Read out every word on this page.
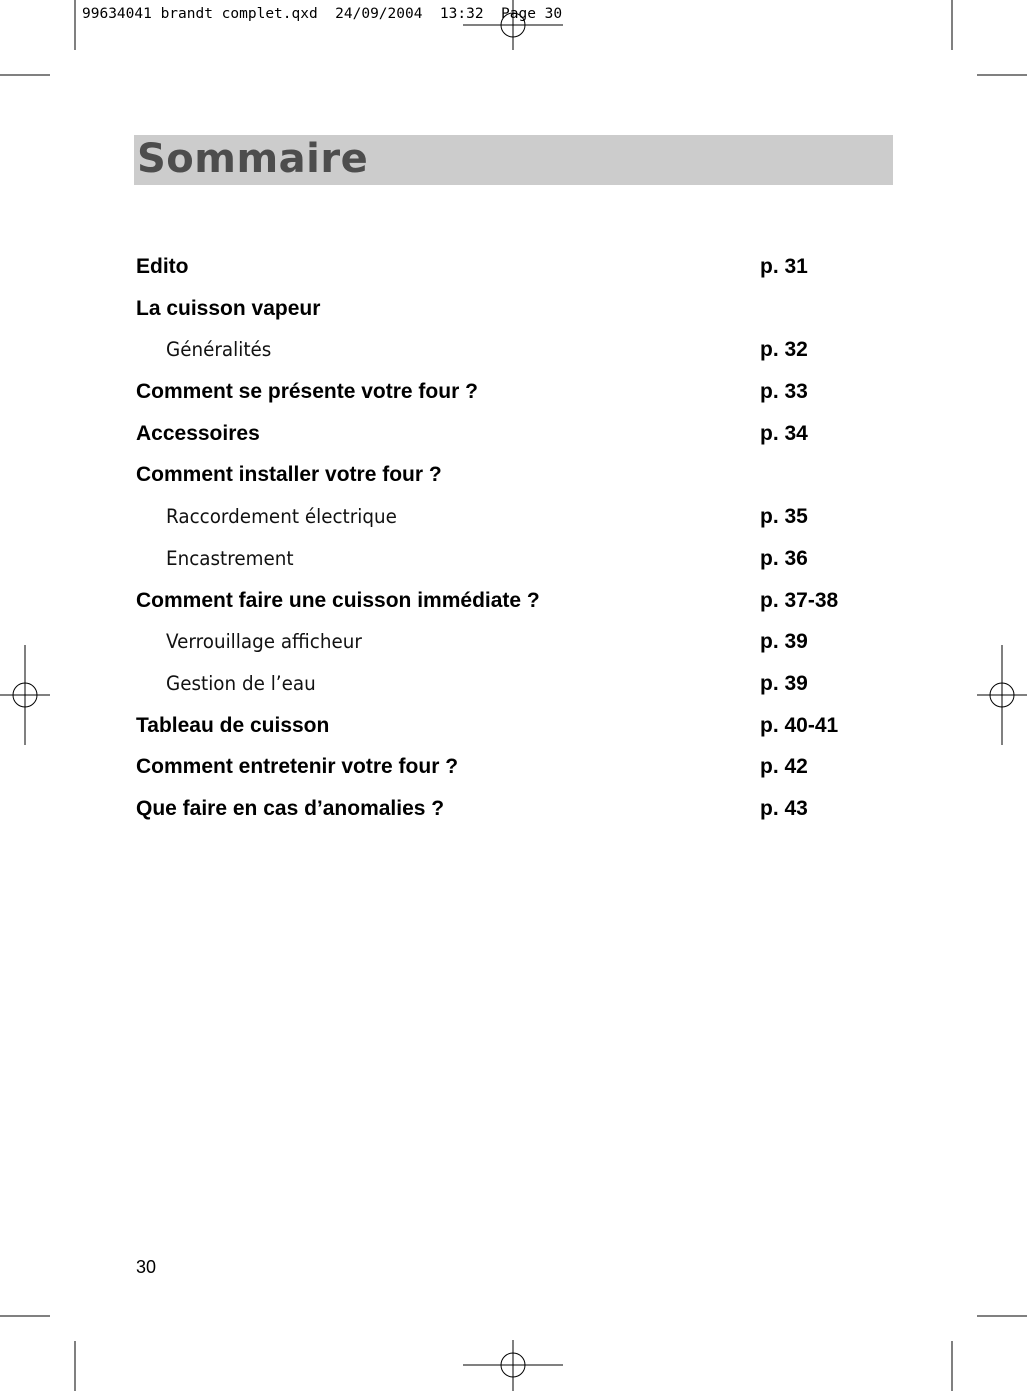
99634041 brandt complet.qxd  24/09/2004  13:32  Page 30
Sommaire
Edito	p. 31
La cuisson vapeur
Généralités	p. 32
Comment se présente votre four ?	p. 33
Accessoires	p. 34
Comment installer votre four ?
Raccordement électrique	p. 35
Encastrement	p. 36
Comment faire une cuisson immédiate ?	p. 37-38
Verrouillage afficheur	p. 39
Gestion de l’eau	p. 39
Tableau de cuisson	p. 40-41
Comment entretenir votre four ?	p. 42
Que faire en cas d’anomalies ?	p. 43
30
